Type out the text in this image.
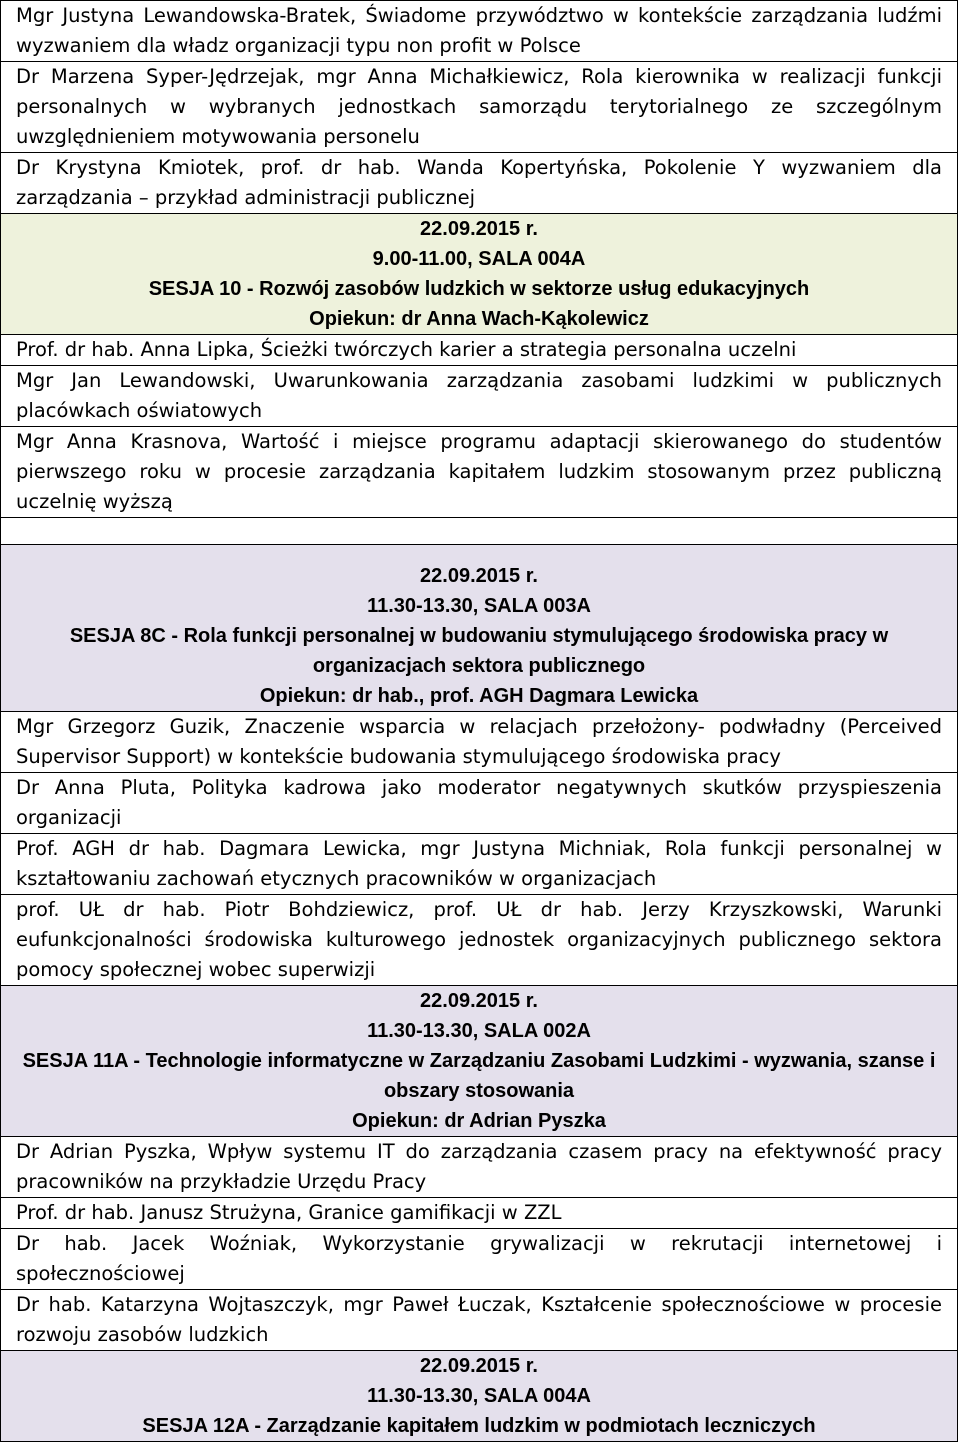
Mgr Justyna Lewandowska-Bratek, Świadome przywództwo w kontekście zarządzania ludźmi wyzwaniem dla władz organizacji typu non profit w Polsce
Dr Marzena Syper-Jędrzejak, mgr Anna Michałkiewicz, Rola kierownika w realizacji funkcji personalnych w wybranych jednostkach samorządu terytorialnego ze szczególnym uwzględnieniem motywowania personelu
Dr Krystyna Kmiotek, prof. dr hab. Wanda Kopertyńska, Pokolenie Y wyzwaniem dla zarządzania – przykład administracji publicznej

22.09.2015 r.
9.00-11.00, SALA 004A
SESJA 10 - Rozwój zasobów ludzkich w sektorze usług edukacyjnych
Opiekun: dr Anna Wach-Kąkolewicz

Prof. dr hab. Anna Lipka, Ścieżki twórczych karier a strategia personalna uczelni
Mgr Jan Lewandowski, Uwarunkowania zarządzania zasobami ludzkimi w publicznych placówkach oświatowych
Mgr Anna Krasnova, Wartość i miejsce programu adaptacji skierowanego do studentów pierwszego roku w procesie zarządzania kapitałem ludzkim stosowanym przez publiczną uczelnię wyższą

22.09.2015 r.
11.30-13.30, SALA 003A
SESJA 8C - Rola funkcji personalnej w budowaniu stymulującego środowiska pracy w organizacjach sektora publicznego
Opiekun: dr hab., prof. AGH Dagmara Lewicka

Mgr Grzegorz Guzik, Znaczenie wsparcia w relacjach przełożony- podwładny (Perceived Supervisor Support) w kontekście budowania stymulującego środowiska pracy
Dr Anna Pluta, Polityka kadrowa jako moderator negatywnych skutków przyspieszenia organizacji
Prof. AGH dr hab. Dagmara Lewicka, mgr Justyna Michniak, Rola funkcji personalnej w kształtowaniu zachowań etycznych pracowników w organizacjach
prof. UŁ dr hab. Piotr Bohdziewicz, prof. UŁ dr hab. Jerzy Krzyszkowski, Warunki eufunkcjonalności środowiska kulturowego jednostek organizacyjnych publicznego sektora pomocy społecznej wobec superwizji

22.09.2015 r.
11.30-13.30, SALA 002A
SESJA 11A - Technologie informatyczne w Zarządzaniu Zasobami Ludzkimi - wyzwania, szanse i obszary stosowania
Opiekun: dr Adrian Pyszka

Dr Adrian Pyszka, Wpływ systemu IT do zarządzania czasem pracy na efektywność pracy pracowników na przykładzie Urzędu Pracy
Prof. dr hab. Janusz Strużyna, Granice gamifikacji w ZZL
Dr hab. Jacek Woźniak, Wykorzystanie grywalizacji w rekrutacji internetowej i społecznościowej
Dr hab. Katarzyna Wojtaszczyk, mgr Paweł Łuczak, Kształcenie społecznościowe w procesie rozwoju zasobów ludzkich

22.09.2015 r.
11.30-13.30, SALA 004A
SESJA 12A - Zarządzanie kapitałem ludzkim w podmiotach leczniczych
